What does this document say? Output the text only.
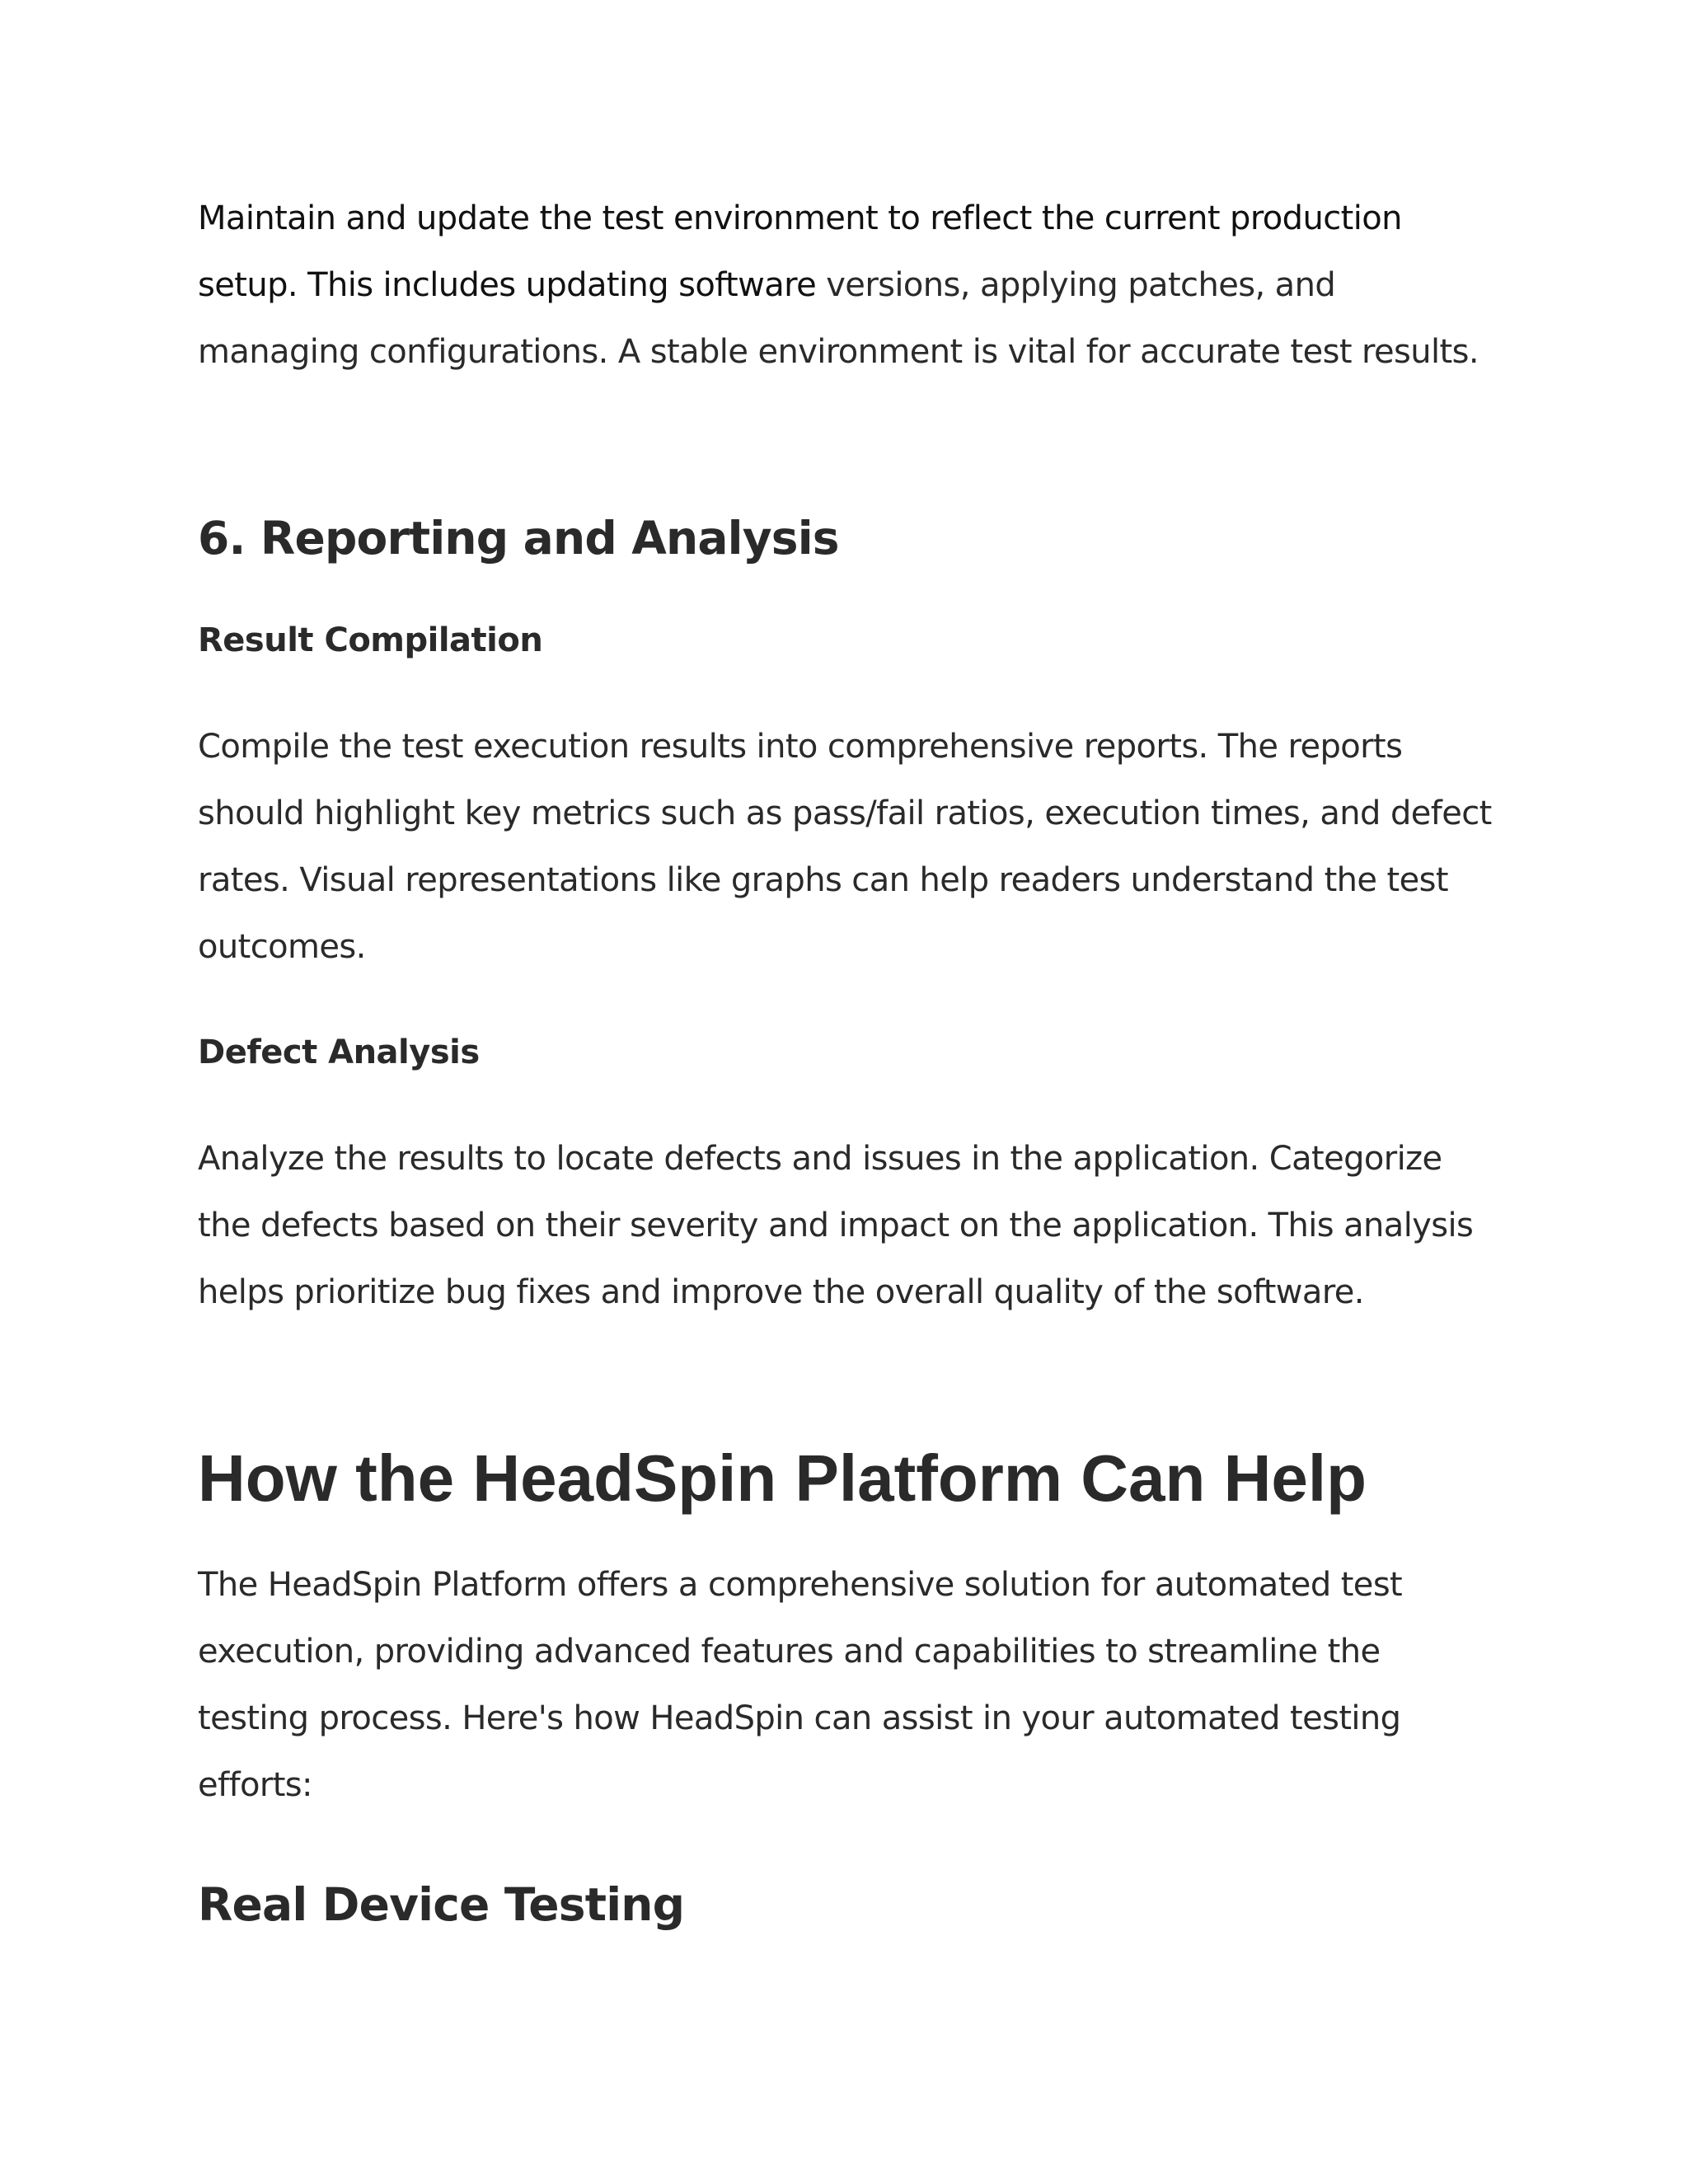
Maintain and update the test environment to reflect the current production setup. This includes updating software versions, applying patches, and managing configurations. A stable environment is vital for accurate test results.

6. Reporting and Analysis
Result Compilation

Compile the test execution results into comprehensive reports. The reports should highlight key metrics such as pass/fail ratios, execution times, and defect rates. Visual representations like graphs can help readers understand the test outcomes.

Defect Analysis

Analyze the results to locate defects and issues in the application. Categorize the defects based on their severity and impact on the application. This analysis helps prioritize bug fixes and improve the overall quality of the software.

How the HeadSpin Platform Can Help

The HeadSpin Platform offers a comprehensive solution for automated test execution, providing advanced features and capabilities to streamline the testing process. Here's how HeadSpin can assist in your automated testing efforts:

Real Device Testing
